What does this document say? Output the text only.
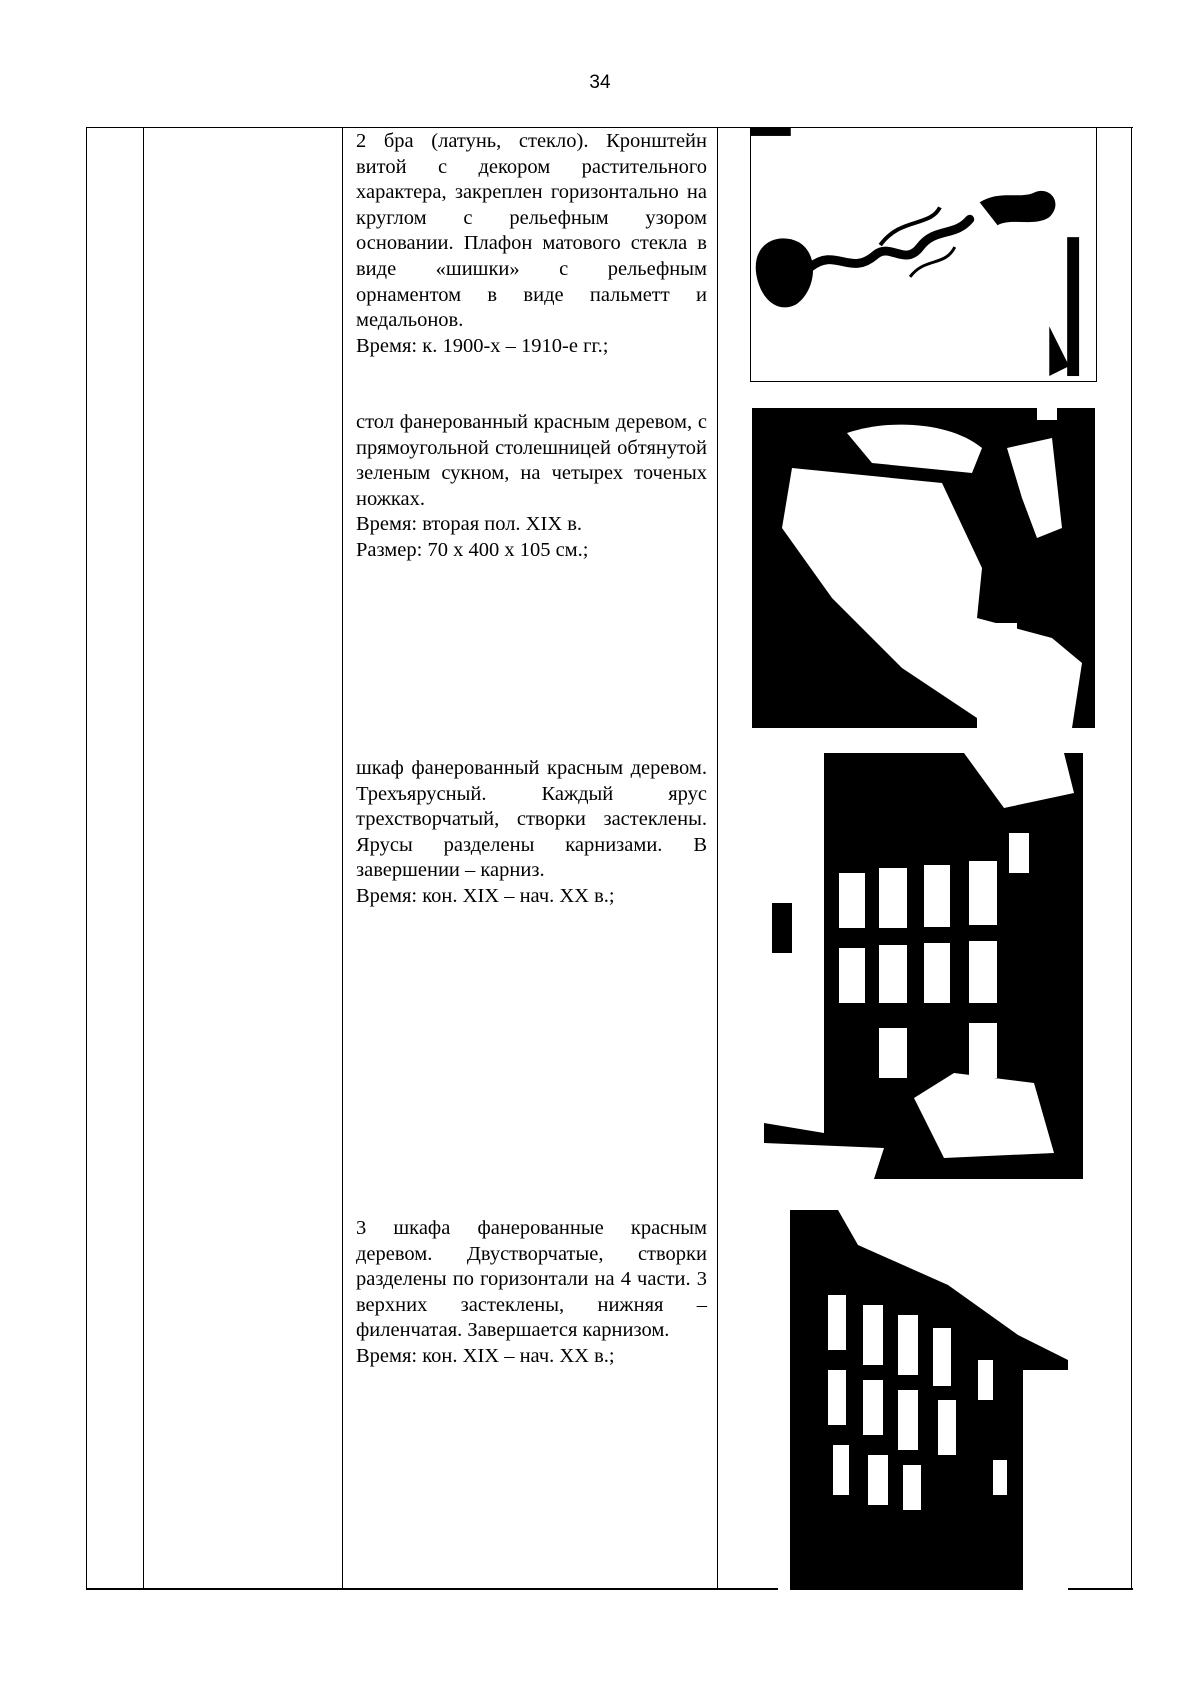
34

2 бра (латунь, стекло). Кронштейн витой с декором растительного характера, закреплен горизонтально на круглом с рельефным узором основании. Плафон матового стекла в виде «шишки» с рельефным орнаментом в виде пальметт и медальонов.

Время: к. 1900-х – 1910-е гг.;

стол фанерованный красным деревом, с прямоугольной столешницей обтянутой зеленым сукном, на четырех точеных ножках.

Время: вторая пол. XIX в.

Размер: 70 х 400 х 105 см.;

шкаф фанерованный красным деревом. Трехъярусный. Каждый ярус трехстворчатый, створки застеклены. Ярусы разделены карнизами. В завершении – карниз.

Время: кон. XIX – нач. XX в.;

3 шкафа фанерованные красным деревом. Двустворчатые, створки разделены по горизонтали на 4 части. 3 верхних застеклены, нижняя – филенчатая. Завершается карнизом.

Время: кон. XIX – нач. XX в.;
